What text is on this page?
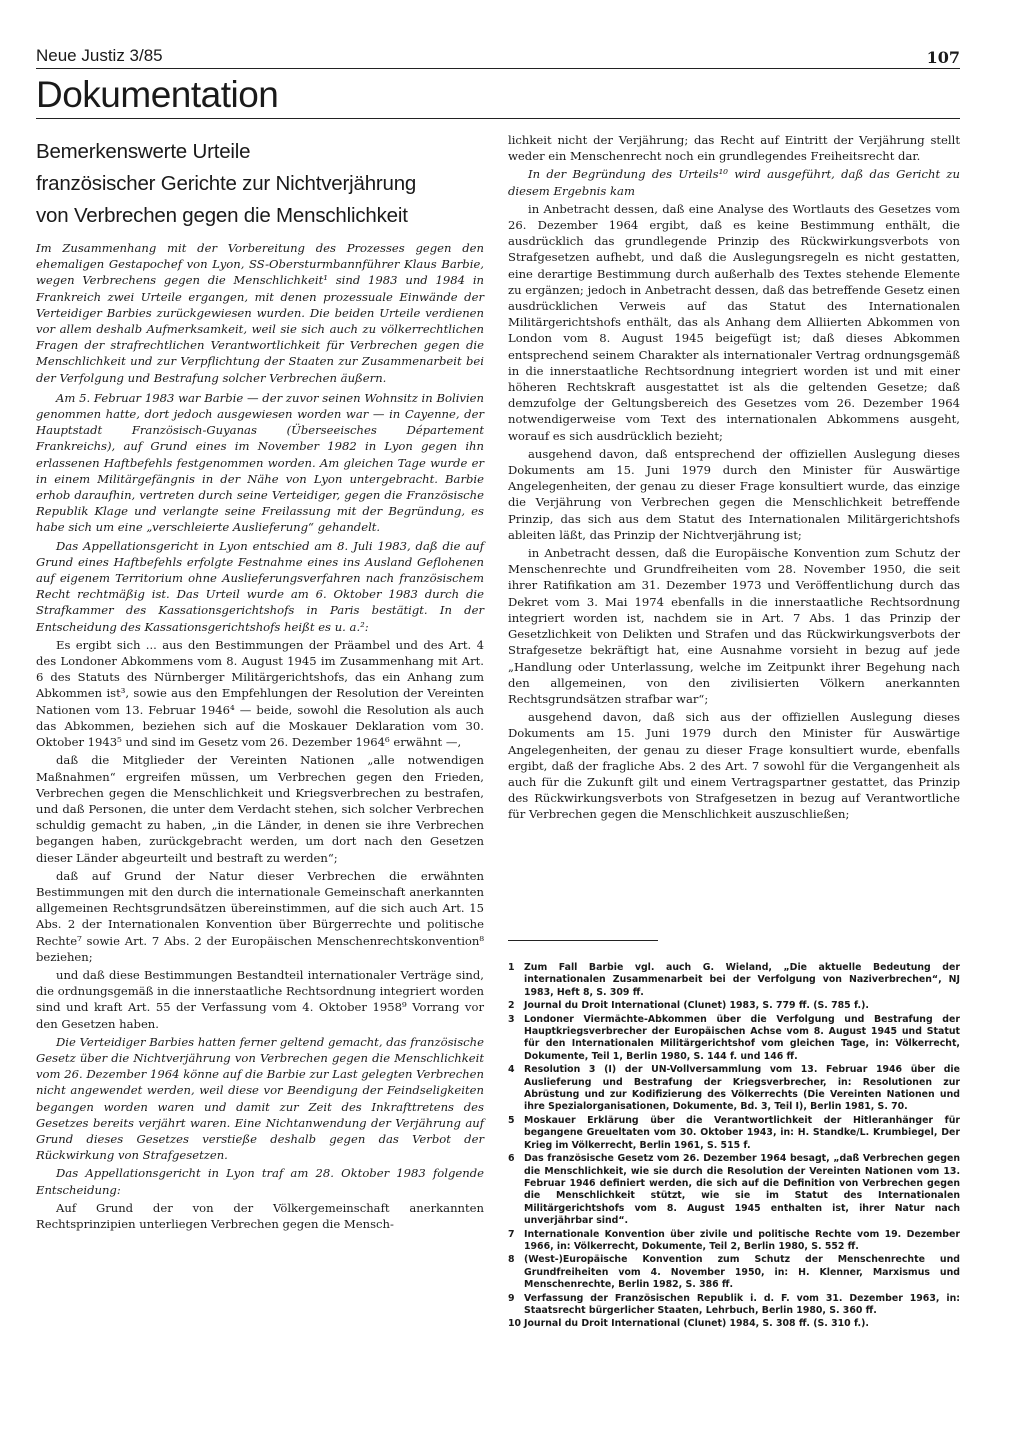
Neue Justiz 3/85	107
Dokumentation
Bemerkenswerte Urteile
französischer Gerichte zur Nichtverjährung
von Verbrechen gegen die Menschlichkeit

Im Zusammenhang mit der Vorbereitung des Prozesses gegen den ehemaligen Gestapochef von Lyon, SS-Obersturmbannführer Klaus Barbie, wegen Verbrechens gegen die Menschlichkeit¹ sind 1983 und 1984 in Frankreich zwei Urteile ergangen, mit denen prozessuale Einwände der Verteidiger Barbies zurückgewiesen wurden. Die beiden Urteile verdienen vor allem deshalb Aufmerksamkeit, weil sie sich auch zu völkerrechtlichen Fragen der strafrechtlichen Verantwortlichkeit für Verbrechen gegen die Menschlichkeit und zur Verpflichtung der Staaten zur Zusammenarbeit bei der Verfolgung und Bestrafung solcher Verbrechen äußern.

Am 5. Februar 1983 war Barbie — der zuvor seinen Wohnsitz in Bolivien genommen hatte, dort jedoch ausgewiesen worden war — in Cayenne, der Hauptstadt Französisch-Guyanas (Überseeisches Département Frankreichs), auf Grund eines im November 1982 in Lyon gegen ihn erlassenen Haftbefehls festgenommen worden. Am gleichen Tage wurde er in einem Militärgefängnis in der Nähe von Lyon untergebracht. Barbie erhob daraufhin, vertreten durch seine Verteidiger, gegen die Französische Republik Klage und verlangte seine Freilassung mit der Begründung, es habe sich um eine „verschleierte Auslieferung“ gehandelt.

Das Appellationsgericht in Lyon entschied am 8. Juli 1983, daß die auf Grund eines Haftbefehls erfolgte Festnahme eines ins Ausland Geflohenen auf eigenem Territorium ohne Auslieferungsverfahren nach französischem Recht rechtmäßig ist. Das Urteil wurde am 6. Oktober 1983 durch die Strafkammer des Kassationsgerichtshofs in Paris bestätigt. In der Entscheidung des Kassationsgerichtshofs heißt es u. a.²:

Es ergibt sich ... aus den Bestimmungen der Präambel und des Art. 4 des Londoner Abkommens vom 8. August 1945 im Zusammenhang mit Art. 6 des Statuts des Nürnberger Militärgerichtshofs, das ein Anhang zum Abkommen ist³, sowie aus den Empfehlungen der Resolution der Vereinten Nationen vom 13. Februar 1946⁴ — beide, sowohl die Resolution als auch das Abkommen, beziehen sich auf die Moskauer Deklaration vom 30. Oktober 1943⁵ und sind im Gesetz vom 26. Dezember 1964⁶ erwähnt —,

daß die Mitglieder der Vereinten Nationen „alle notwendigen Maßnahmen“ ergreifen müssen, um Verbrechen gegen den Frieden, Verbrechen gegen die Menschlichkeit und Kriegsverbrechen zu bestrafen, und daß Personen, die unter dem Verdacht stehen, sich solcher Verbrechen schuldig gemacht zu haben, „in die Länder, in denen sie ihre Verbrechen begangen haben, zurückgebracht werden, um dort nach den Gesetzen dieser Länder abgeurteilt und bestraft zu werden“;

daß auf Grund der Natur dieser Verbrechen die erwähnten Bestimmungen mit den durch die internationale Gemeinschaft anerkannten allgemeinen Rechtsgrundsätzen übereinstimmen, auf die sich auch Art. 15 Abs. 2 der Internationalen Konvention über Bürgerrechte und politische Rechte⁷ sowie Art. 7 Abs. 2 der Europäischen Menschenrechtskonvention⁸ beziehen;

und daß diese Bestimmungen Bestandteil internationaler Verträge sind, die ordnungsgemäß in die innerstaatliche Rechtsordnung integriert worden sind und kraft Art. 55 der Verfassung vom 4. Oktober 1958⁹ Vorrang vor den Gesetzen haben.

Die Verteidiger Barbies hatten ferner geltend gemacht, das französische Gesetz über die Nichtverjährung von Verbrechen gegen die Menschlichkeit vom 26. Dezember 1964 könne auf die Barbie zur Last gelegten Verbrechen nicht angewendet werden, weil diese vor Beendigung der Feindseligkeiten begangen worden waren und damit zur Zeit des Inkrafttretens des Gesetzes bereits verjährt waren. Eine Nichtanwendung der Verjährung auf Grund dieses Gesetzes verstieße deshalb gegen das Verbot der Rückwirkung von Strafgesetzen.

Das Appellationsgericht in Lyon traf am 28. Oktober 1983 folgende Entscheidung:

Auf Grund der von der Völkergemeinschaft anerkannten Rechtsprinzipien unterliegen Verbrechen gegen die Mensch-

lichkeit nicht der Verjährung; das Recht auf Eintritt der Verjährung stellt weder ein Menschenrecht noch ein grundlegendes Freiheitsrecht dar.

In der Begründung des Urteils¹⁰ wird ausgeführt, daß das Gericht zu diesem Ergebnis kam

in Anbetracht dessen, daß eine Analyse des Wortlauts des Gesetzes vom 26. Dezember 1964 ergibt, daß es keine Bestimmung enthält, die ausdrücklich das grundlegende Prinzip des Rückwirkungsverbots von Strafgesetzen aufhebt, und daß die Auslegungsregeln es nicht gestatten, eine derartige Bestimmung durch außerhalb des Textes stehende Elemente zu ergänzen; jedoch in Anbetracht dessen, daß das betreffende Gesetz einen ausdrücklichen Verweis auf das Statut des Internationalen Militärgerichtshofs enthält, das als Anhang dem Alliierten Abkommen von London vom 8. August 1945 beigefügt ist; daß dieses Abkommen entsprechend seinem Charakter als internationaler Vertrag ordnungsgemäß in die innerstaatliche Rechtsordnung integriert worden ist und mit einer höheren Rechtskraft ausgestattet ist als die geltenden Gesetze; daß demzufolge der Geltungsbereich des Gesetzes vom 26. Dezember 1964 notwendigerweise vom Text des internationalen Abkommens ausgeht, worauf es sich ausdrücklich bezieht;

ausgehend davon, daß entsprechend der offiziellen Auslegung dieses Dokuments am 15. Juni 1979 durch den Minister für Auswärtige Angelegenheiten, der genau zu dieser Frage konsultiert wurde, das einzige die Verjährung von Verbrechen gegen die Menschlichkeit betreffende Prinzip, das sich aus dem Statut des Internationalen Militärgerichtshofs ableiten läßt, das Prinzip der Nichtverjährung ist;

in Anbetracht dessen, daß die Europäische Konvention zum Schutz der Menschenrechte und Grundfreiheiten vom 28. November 1950, die seit ihrer Ratifikation am 31. Dezember 1973 und Veröffentlichung durch das Dekret vom 3. Mai 1974 ebenfalls in die innerstaatliche Rechtsordnung integriert worden ist, nachdem sie in Art. 7 Abs. 1 das Prinzip der Gesetzlichkeit von Delikten und Strafen und das Rückwirkungsverbots der Strafgesetze bekräftigt hat, eine Ausnahme vorsieht in bezug auf jede „Handlung oder Unterlassung, welche im Zeitpunkt ihrer Begehung nach den allgemeinen, von den zivilisierten Völkern anerkannten Rechtsgrundsätzen strafbar war“;

ausgehend davon, daß sich aus der offiziellen Auslegung dieses Dokuments am 15. Juni 1979 durch den Minister für Auswärtige Angelegenheiten, der genau zu dieser Frage konsultiert wurde, ebenfalls ergibt, daß der fragliche Abs. 2 des Art. 7 sowohl für die Vergangenheit als auch für die Zukunft gilt und einem Vertragspartner gestattet, das Prinzip des Rückwirkungsverbots von Strafgesetzen in bezug auf Verantwortliche für Verbrechen gegen die Menschlichkeit auszuschließen;

1	Zum Fall Barbie vgl. auch G. Wieland, „Die aktuelle Bedeutung der internationalen Zusammenarbeit bei der Verfolgung von Naziverbrechen“, NJ 1983, Heft 8, S. 309 ff.
2	Journal du Droit International (Clunet) 1983, S. 779 ff. (S. 785 f.).
3	Londoner Viermächte-Abkommen über die Verfolgung und Bestrafung der Hauptkriegsverbrecher der Europäischen Achse vom 8. August 1945 und Statut für den Internationalen Militärgerichtshof vom gleichen Tage, in: Völkerrecht, Dokumente, Teil 1, Berlin 1980, S. 144 f. und 146 ff.
4	Resolution 3 (I) der UN-Vollversammlung vom 13. Februar 1946 über die Auslieferung und Bestrafung der Kriegsverbrecher, in: Resolutionen zur Abrüstung und zur Kodifizierung des Völkerrechts (Die Vereinten Nationen und ihre Spezialorganisationen, Dokumente, Bd. 3, Teil I), Berlin 1981, S. 70.
5	Moskauer Erklärung über die Verantwortlichkeit der Hitleranhänger für begangene Greueltaten vom 30. Oktober 1943, in: H. Standke/L. Krumbiegel, Der Krieg im Völkerrecht, Berlin 1961, S. 515 f.
6	Das französische Gesetz vom 26. Dezember 1964 besagt, „daß Verbrechen gegen die Menschlichkeit, wie sie durch die Resolution der Vereinten Nationen vom 13. Februar 1946 definiert werden, die sich auf die Definition von Verbrechen gegen die Menschlichkeit stützt, wie sie im Statut des Internationalen Militärgerichtshofs vom 8. August 1945 enthalten ist, ihrer Natur nach unverjährbar sind“.
7	Internationale Konvention über zivile und politische Rechte vom 19. Dezember 1966, in: Völkerrecht, Dokumente, Teil 2, Berlin 1980, S. 552 ff.
8	(West-)Europäische Konvention zum Schutz der Menschenrechte und Grundfreiheiten vom 4. November 1950, in: H. Klenner, Marxismus und Menschenrechte, Berlin 1982, S. 386 ff.
9	Verfassung der Französischen Republik i. d. F. vom 31. Dezember 1963, in: Staatsrecht bürgerlicher Staaten, Lehrbuch, Berlin 1980, S. 360 ff.
10 Journal du Droit International (Clunet) 1984, S. 308 ff. (S. 310 f.).
